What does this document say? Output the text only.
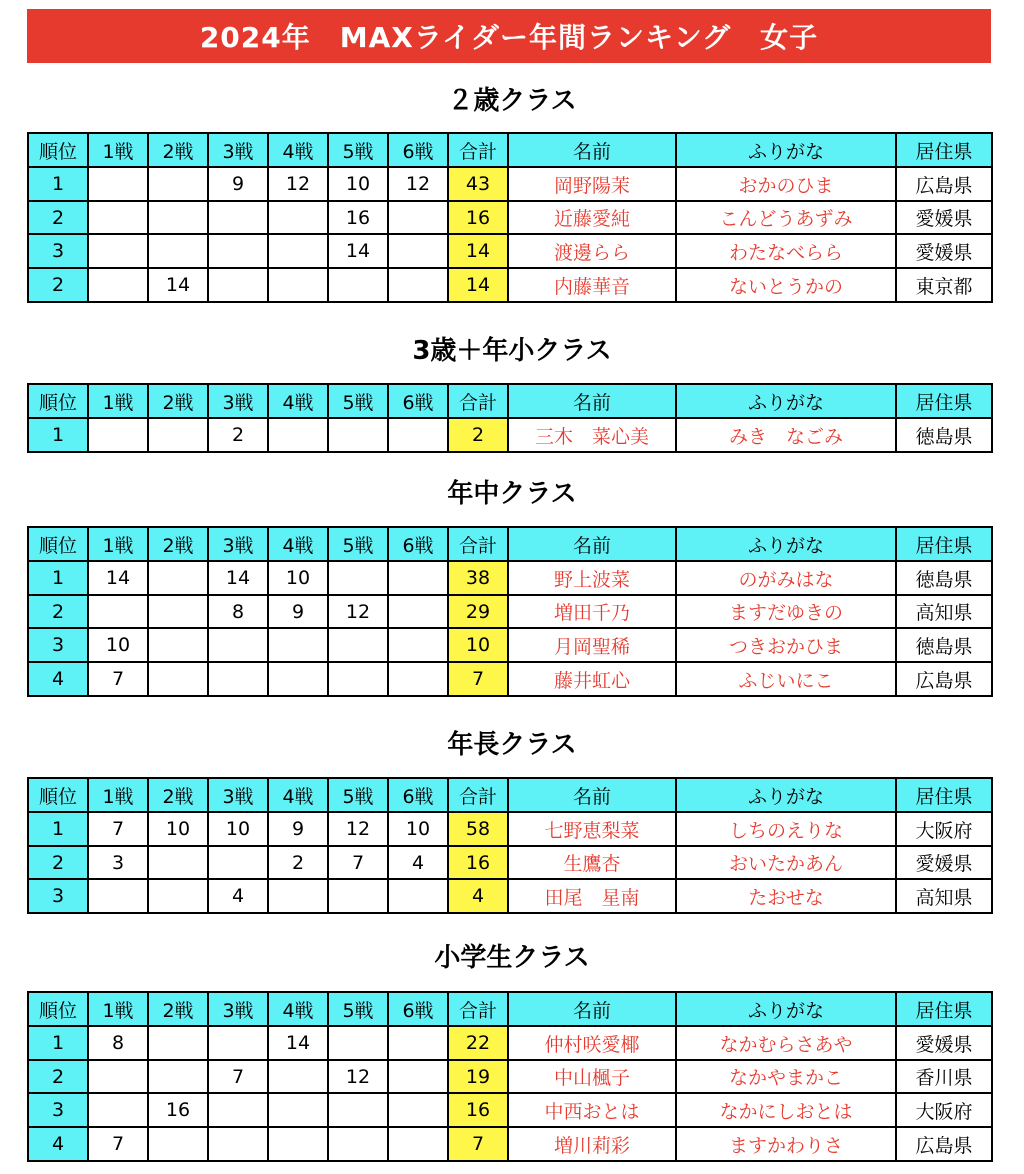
2024年　MAXライダー年間ランキング　女子
２歳クラス
順位	1戦	2戦	3戦	4戦	5戦	6戦	合計	名前	ふりがな	居住県
1			9	12	10	12	43	岡野陽茉	おかのひま	広島県
2					16		16	近藤愛純	こんどうあずみ	愛媛県
3					14		14	渡邊らら	わたなべらら	愛媛県
2		14					14	内藤華音	ないとうかの	東京都
3歳＋年小クラス
順位	1戦	2戦	3戦	4戦	5戦	6戦	合計	名前	ふりがな	居住県
1			2				2	三木　菜心美	みき　なごみ	徳島県
年中クラス
順位	1戦	2戦	3戦	4戦	5戦	6戦	合計	名前	ふりがな	居住県
1	14		14	10			38	野上波菜	のがみはな	徳島県
2			8	9	12		29	増田千乃	ますだゆきの	高知県
3	10						10	月岡聖稀	つきおかひま	徳島県
4	7						7	藤井虹心	ふじいにこ	広島県
年長クラス
順位	1戦	2戦	3戦	4戦	5戦	6戦	合計	名前	ふりがな	居住県
1	7	10	10	9	12	10	58	七野恵梨菜	しちのえりな	大阪府
2	3			2	7	4	16	生鷹杏	おいたかあん	愛媛県
3			4				4	田尾　星南	たおせな	高知県
小学生クラス
順位	1戦	2戦	3戦	4戦	5戦	6戦	合計	名前	ふりがな	居住県
1	8			14			22	仲村咲愛椰	なかむらさあや	愛媛県
2			7		12		19	中山楓子	なかやまかこ	香川県
3		16					16	中西おとは	なかにしおとは	大阪府
4	7						7	増川莉彩	ますかわりさ	広島県
